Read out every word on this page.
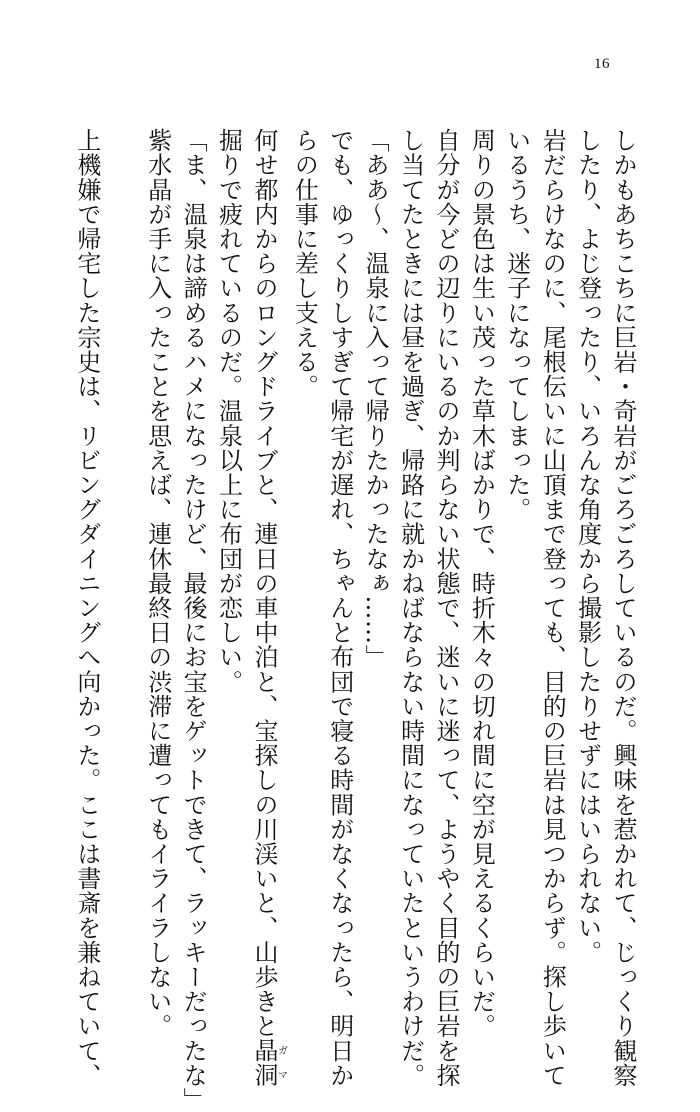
16

しかもあちこちに巨岩・奇岩がごろごろしているのだ。興味を惹かれて、じっくり観察
したり、よじ登ったり、いろんな角度から撮影したりせずにはいられない。
岩だらけなのに、尾根伝いに山頂まで登っても、目的の巨岩は見つからず。探し歩いて
いるうち、迷子になってしまった。

周りの景色は生い茂った草木ばかりで、時折木々の切れ間に空が見えるくらいだ。
自分が今どの辺りにいるのか判らない状態で、迷いに迷って、ようやく目的の巨岩を探
し当てたときには昼を過ぎ、帰路に就かねばならない時間になっていたというわけだ。

「ああ～、温泉に入って帰りたかったなぁ……」

でも、ゆっくりしすぎて帰宅が遅れ、ちゃんと布団で寝る時間がなくなったら、明日か
らの仕事に差し支える。

何せ都内からのロングドライブと、連日の車中泊と、宝探しの川渓いと、山歩きと晶洞ガマ

掘りで疲れているのだ。温泉以上に布団が恋しい。

「ま、温泉は諦めるハメになったけど、最後にお宝をゲットできて、ラッキーだったな」
紫水晶が手に入ったことを思えば、連休最終日の渋滞に遭ってもイライラしない。

上機嫌で帰宅した宗史は、リビングダイニングへ向かった。ここは書斎を兼ねていて、
